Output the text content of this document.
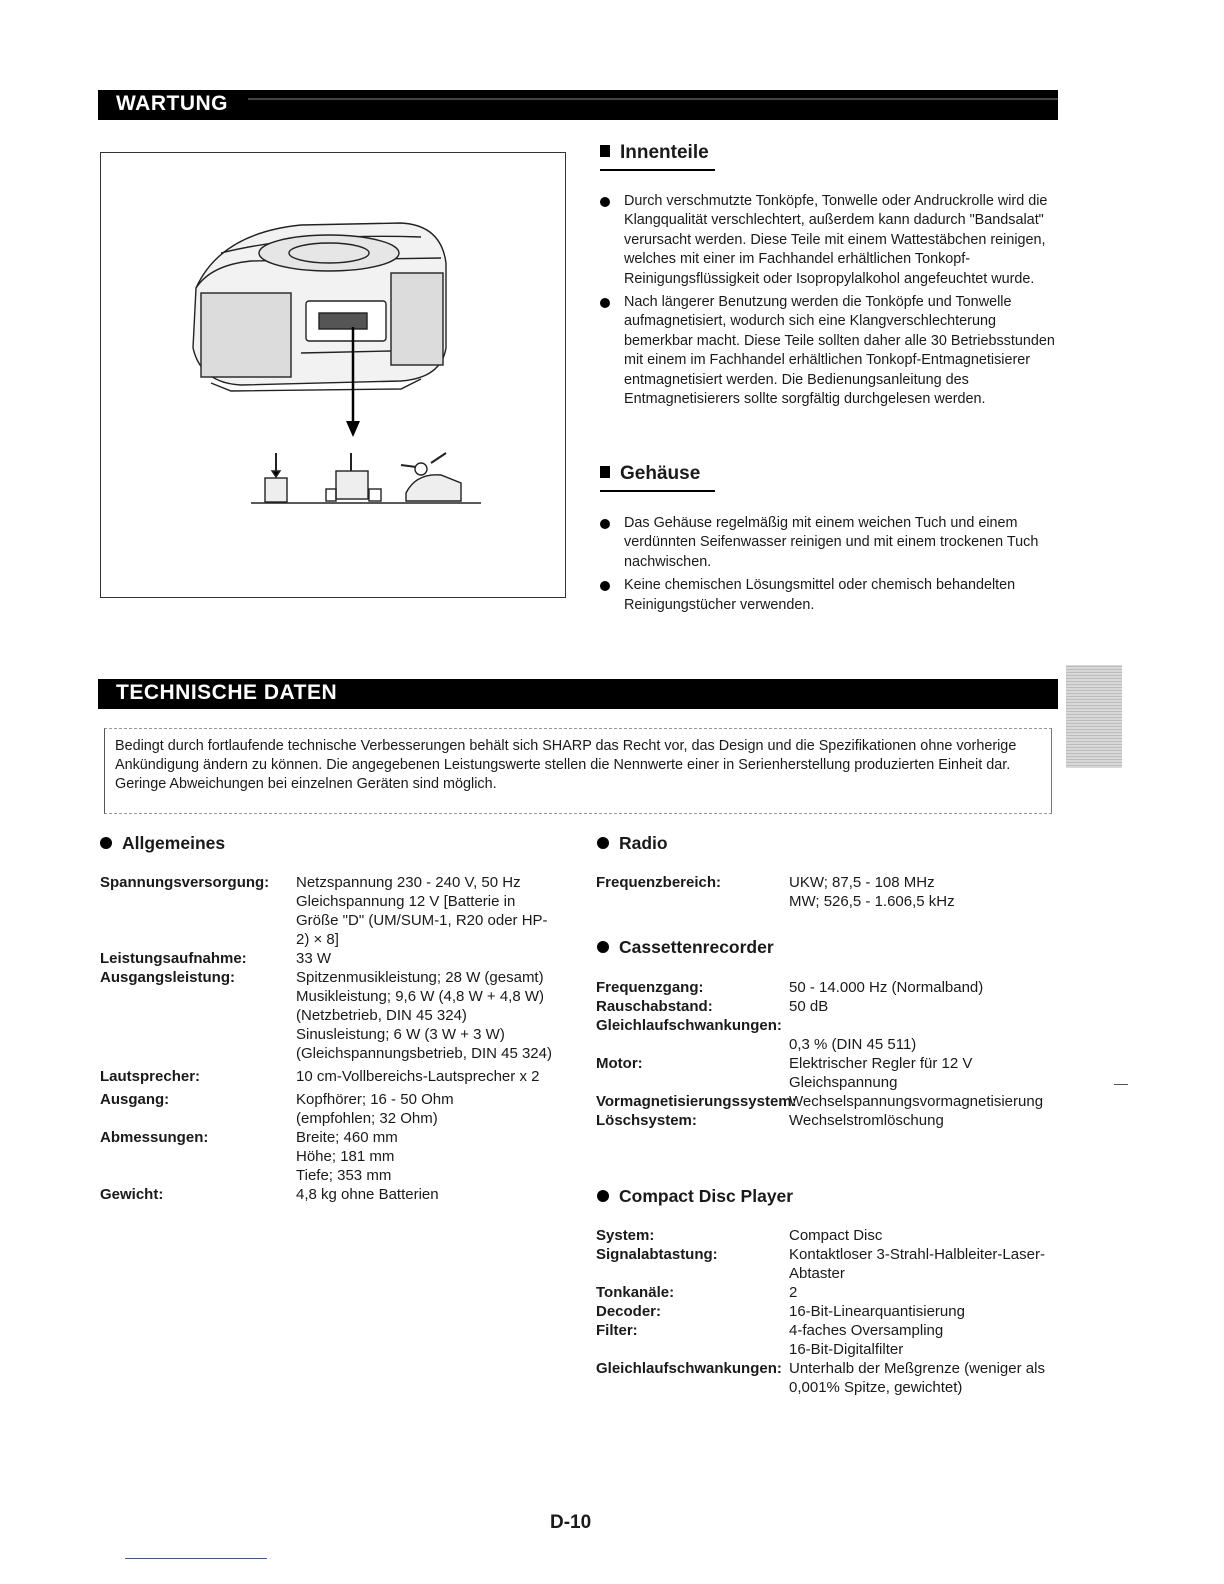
WARTUNG
Innenteile
Durch verschmutzte Tonköpfe, Tonwelle oder Andruckrolle wird die Klangqualität verschlechtert, außerdem kann dadurch "Bandsalat" verursacht werden. Diese Teile mit einem Wattestäbchen reinigen, welches mit einer im Fachhandel erhältlichen Tonkopf-Reinigungsflüssigkeit oder Isopropylalkohol angefeuchtet wurde.
Nach längerer Benutzung werden die Tonköpfe und Tonwelle aufmagnetisiert, wodurch sich eine Klangverschlechterung bemerkbar macht. Diese Teile sollten daher alle 30 Betriebsstunden mit einem im Fachhandel erhältlichen Tonkopf-Entmagnetisierer entmagnetisiert werden. Die Bedienungsanleitung des Entmagnetisierers sollte sorgfältig durchgelesen werden.
Gehäuse
Das Gehäuse regelmäßig mit einem weichen Tuch und einem verdünnten Seifenwasser reinigen und mit einem trockenen Tuch nachwischen.
Keine chemischen Lösungsmittel oder chemisch behandelten Reinigungstücher verwenden.
TECHNISCHE DATEN
Bedingt durch fortlaufende technische Verbesserungen behält sich SHARP das Recht vor, das Design und die Spezifikationen ohne vorherige Ankündigung ändern zu können. Die angegebenen Leistungswerte stellen die Nennwerte einer in Serienherstellung produzierten Einheit dar. Geringe Abweichungen bei einzelnen Geräten sind möglich.
Allgemeines
Spannungsversorgung:	Netzspannung 230 - 240 V, 50 Hz
Gleichspannung 12 V [Batterie in Größe "D" (UM/SUM-1, R20 oder HP-2) × 8]
Leistungsaufnahme:	33 W
Ausgangsleistung:	Spitzenmusikleistung; 28 W (gesamt)
Musikleistung; 9,6 W (4,8 W + 4,8 W)
(Netzbetrieb, DIN 45 324)
Sinusleistung; 6 W (3 W + 3 W)
(Gleichspannungsbetrieb, DIN 45 324)
Lautsprecher:	10 cm-Vollbereichs-Lautsprecher x 2
Ausgang:	Kopfhörer; 16 - 50 Ohm
(empfohlen; 32 Ohm)
Abmessungen:	Breite; 460 mm
Höhe; 181 mm
Tiefe; 353 mm
Gewicht:	4,8 kg ohne Batterien
Radio
Frequenzbereich:	UKW; 87,5 - 108 MHz
MW; 526,5 - 1.606,5 kHz
Cassettenrecorder
Frequenzgang:	50 - 14.000 Hz (Normalband)
Rauschabstand:	50 dB
Gleichlaufschwankungen:
0,3 % (DIN 45 511)
Motor:	Elektrischer Regler für 12 V Gleichspannung
Vormagnetisierungssystem:
Wechselspannungsvormagnetisierung
Löschsystem:	Wechselstromlöschung
Compact Disc Player
System:	Compact Disc
Signalabtastung:	Kontaktloser 3-Strahl-Halbleiter-Laser-Abtaster
Tonkanäle:	2
Decoder:	16-Bit-Linearquantisierung
Filter:	4-faches Oversampling
16-Bit-Digitalfilter
Gleichlaufschwankungen: Unterhalb der Meßgrenze (weniger als 0,001% Spitze, gewichtet)
D-10
